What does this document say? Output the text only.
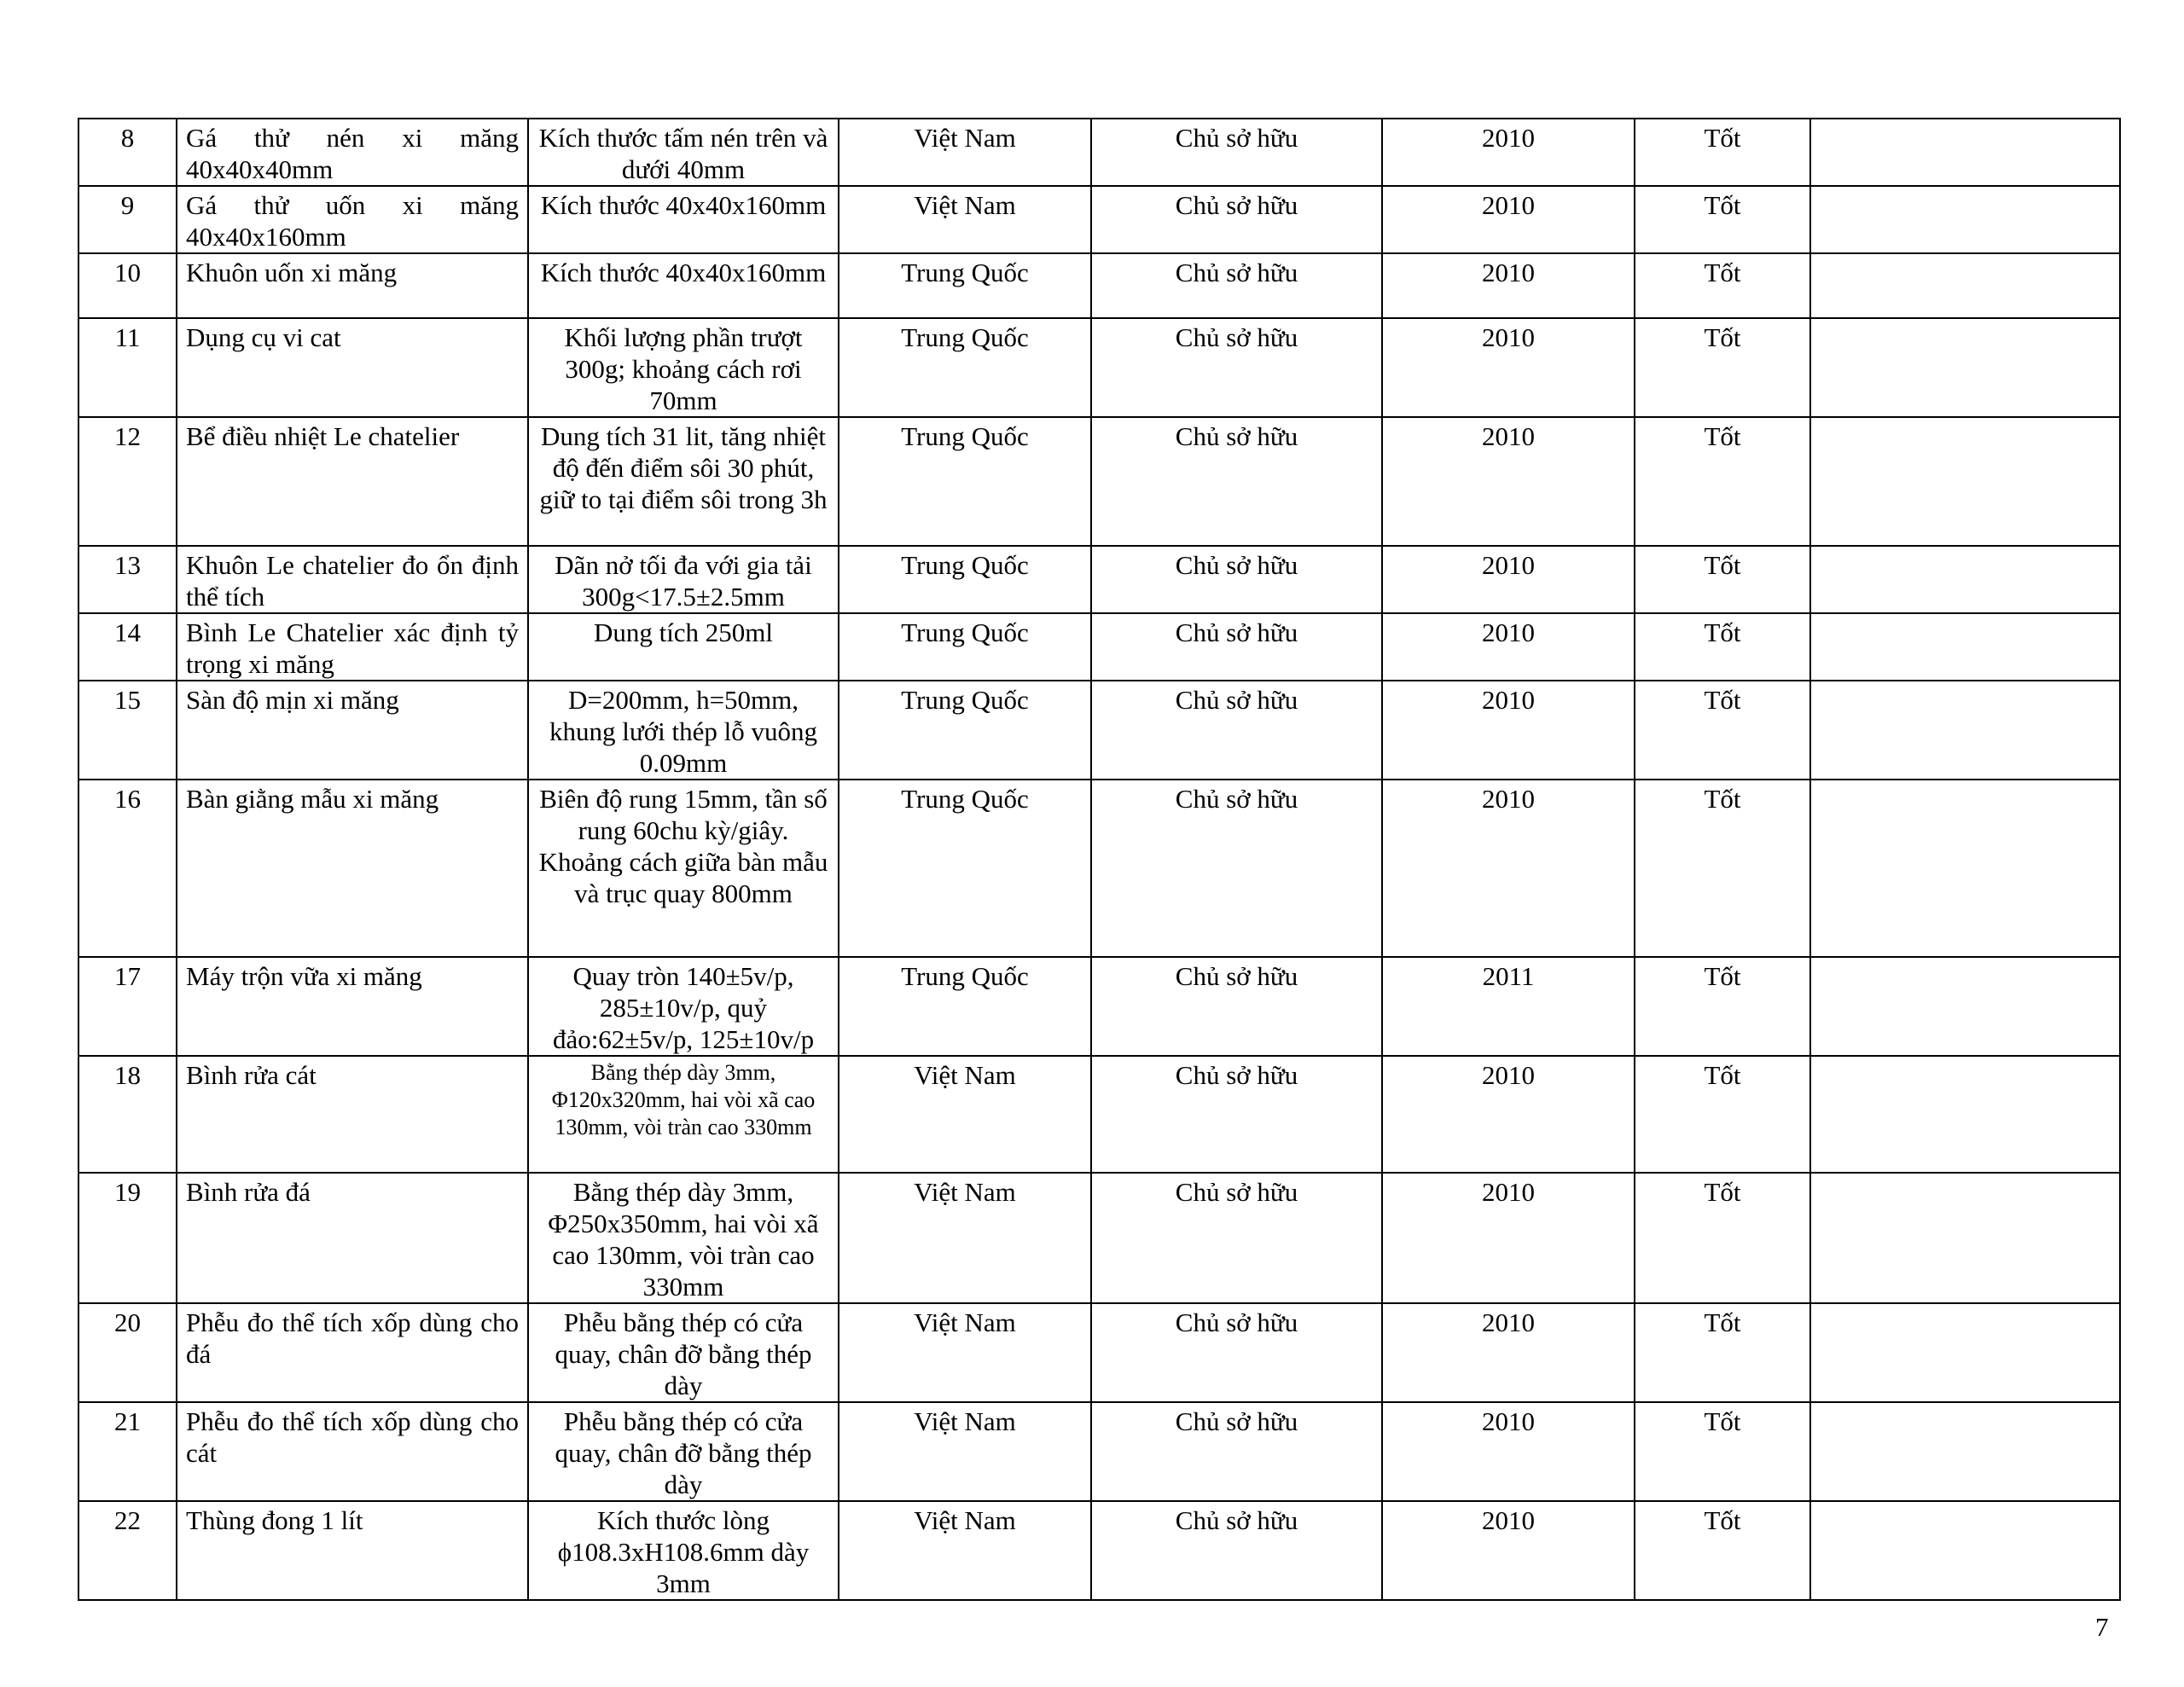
8	Gá thử nén xi măng 40x40x40mm	Kích thước tấm nén trên và dưới 40mm	Việt Nam	Chủ sở hữu	2010	Tốt	
9	Gá thử uốn xi măng 40x40x160mm	Kích thước 40x40x160mm	Việt Nam	Chủ sở hữu	2010	Tốt	
10	Khuôn uốn xi măng	Kích thước 40x40x160mm	Trung Quốc	Chủ sở hữu	2010	Tốt	
11	Dụng cụ vi cat	Khối lượng phần trượt 300g; khoảng cách rơi 70mm	Trung Quốc	Chủ sở hữu	2010	Tốt	
12	Bể điều nhiệt Le chatelier	Dung tích 31 lit, tăng nhiệt độ đến điểm sôi 30 phút, giữ to tại điểm sôi trong 3h	Trung Quốc	Chủ sở hữu	2010	Tốt	
13	Khuôn Le chatelier đo ổn định thể tích	Dãn nở tối đa với gia tải 300g<17.5±2.5mm	Trung Quốc	Chủ sở hữu	2010	Tốt	
14	Bình Le Chatelier xác định tỷ trọng xi măng	Dung tích 250ml	Trung Quốc	Chủ sở hữu	2010	Tốt	
15	Sàn độ mịn xi măng	D=200mm, h=50mm, khung lưới thép lỗ vuông 0.09mm	Trung Quốc	Chủ sở hữu	2010	Tốt	
16	Bàn giằng mẫu xi măng	Biên độ rung 15mm, tần số rung 60chu kỳ/giây. Khoảng cách giữa bàn mẫu và trục quay 800mm	Trung Quốc	Chủ sở hữu	2010	Tốt	
17	Máy trộn vữa xi măng	Quay tròn 140±5v/p, 285±10v/p, quỷ đảo:62±5v/p, 125±10v/p	Trung Quốc	Chủ sở hữu	2011	Tốt	
18	Bình rửa cát	Bằng thép dày 3mm, Φ120x320mm, hai vòi xã cao 130mm, vòi tràn cao 330mm	Việt Nam	Chủ sở hữu	2010	Tốt	
19	Bình rửa đá	Bằng thép dày 3mm, Φ250x350mm, hai vòi xã cao 130mm, vòi tràn cao 330mm	Việt Nam	Chủ sở hữu	2010	Tốt	
20	Phễu đo thể tích xốp dùng cho đá	Phễu bằng thép có cửa quay, chân đỡ bằng thép dày	Việt Nam	Chủ sở hữu	2010	Tốt	
21	Phễu đo thể tích xốp dùng cho cát	Phễu bằng thép có cửa quay, chân đỡ bằng thép dày	Việt Nam	Chủ sở hữu	2010	Tốt	
22	Thùng đong 1 lít	Kích thước lòng ϕ108.3xH108.6mm dày 3mm	Việt Nam	Chủ sở hữu	2010	Tốt	
7
